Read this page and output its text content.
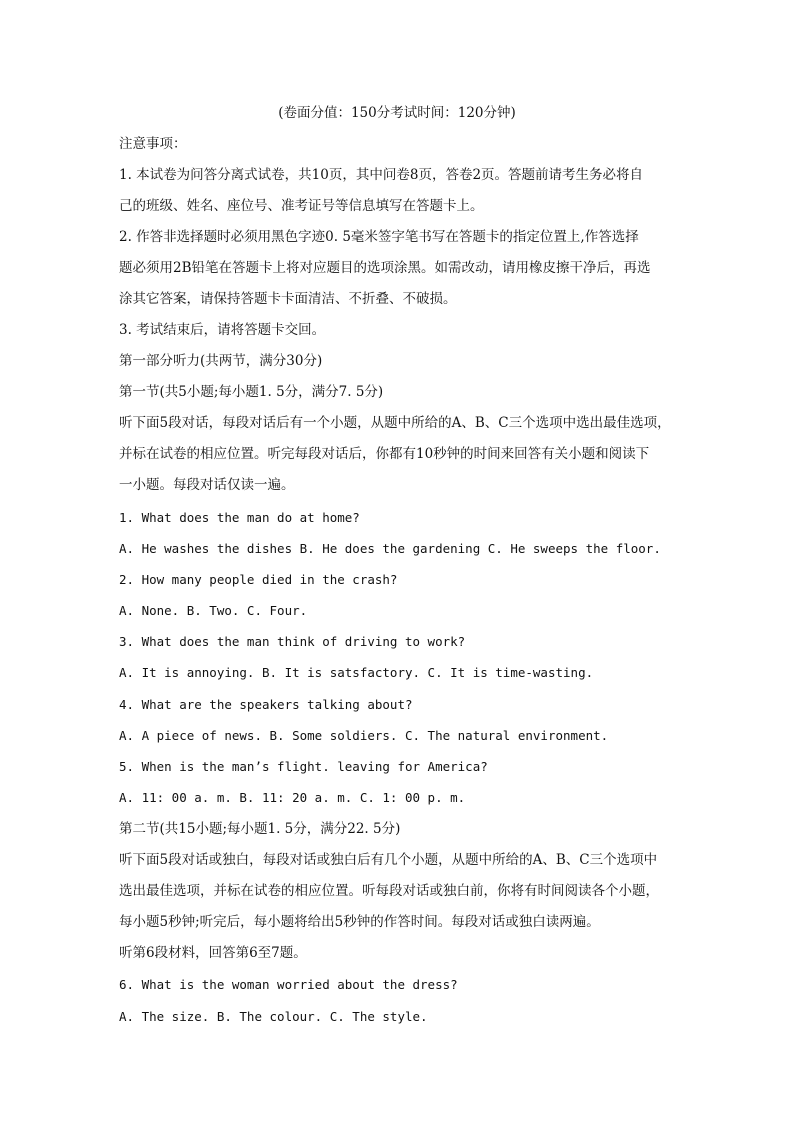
(卷面分值：150分考试时间：120分钟)
注意事项：
1. 本试卷为问答分离式试卷，共10页，其中问卷8页，答卷2页。答题前请考生务必将自
己的班级、姓名、座位号、准考证号等信息填写在答题卡上。
2. 作答非选择题时必须用黑色字迹0. 5毫米签字笔书写在答题卡的指定位置上,作答选择
题必须用2B铅笔在答题卡上将对应题目的选项涂黑。如需改动，请用橡皮擦干净后，再选
涂其它答案，请保持答题卡卡面清洁、不折叠、不破损。
3. 考试结束后，请将答题卡交回。
第一部分听力(共两节，满分30分)
第一节(共5小题;每小题1. 5分，满分7. 5分)
听下面5段对话，每段对话后有一个小题，从题中所给的A、B、C三个选项中选出最佳选项，
并标在试卷的相应位置。听完每段对话后，你都有10秒钟的时间来回答有关小题和阅读下
一小题。每段对话仅读一遍。
1. What does the man do at home?
A. He washes the dishes B. He does the gardening C. He sweeps the floor.
2. How many people died in the crash?
A. None. B. Two. C. Four.
3. What does the man think of driving to work?
A. It is annoying. B. It is satsfactory. C. It is time-wasting.
4. What are the speakers talking about?
A. A piece of news. B. Some soldiers. C. The natural environment.
5. When is the man’s flight. leaving for America?
A. 11: 00 a. m. B. 11: 20 a. m. C. 1: 00 p. m.
第二节(共15小题;每小题1. 5分，满分22. 5分)
听下面5段对话或独白，每段对话或独白后有几个小题，从题中所给的A、B、C三个选项中
选出最佳选项，并标在试卷的相应位置。听每段对话或独白前，你将有时间阅读各个小题，
每小题5秒钟;听完后，每小题将给出5秒钟的作答时间。每段对话或独白读两遍。
听第6段材料，回答第6至7题。
6. What is the woman worried about the dress?
A. The size. B. The colour. C. The style.
